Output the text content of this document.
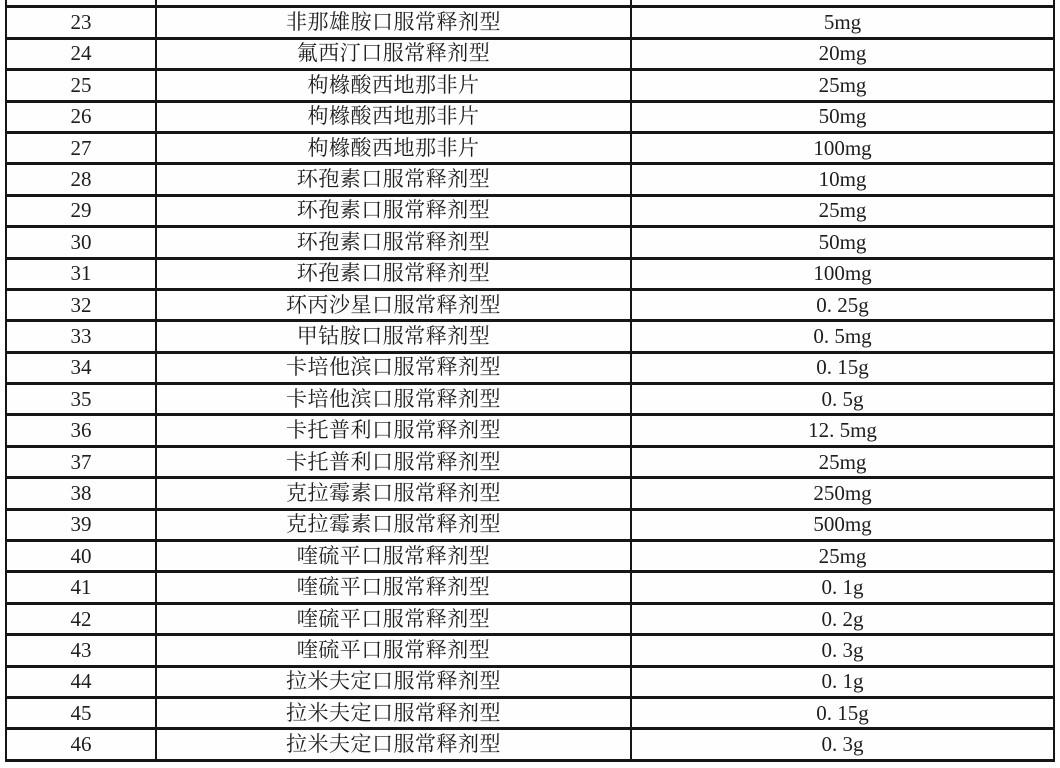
23	非那雄胺口服常释剂型	5mg
24	氟西汀口服常释剂型	20mg
25	枸橼酸西地那非片	25mg
26	枸橼酸西地那非片	50mg
27	枸橼酸西地那非片	100mg
28	环孢素口服常释剂型	10mg
29	环孢素口服常释剂型	25mg
30	环孢素口服常释剂型	50mg
31	环孢素口服常释剂型	100mg
32	环丙沙星口服常释剂型	0. 25g
33	甲钴胺口服常释剂型	0. 5mg
34	卡培他滨口服常释剂型	0. 15g
35	卡培他滨口服常释剂型	0. 5g
36	卡托普利口服常释剂型	12. 5mg
37	卡托普利口服常释剂型	25mg
38	克拉霉素口服常释剂型	250mg
39	克拉霉素口服常释剂型	500mg
40	喹硫平口服常释剂型	25mg
41	喹硫平口服常释剂型	0. 1g
42	喹硫平口服常释剂型	0. 2g
43	喹硫平口服常释剂型	0. 3g
44	拉米夫定口服常释剂型	0. 1g
45	拉米夫定口服常释剂型	0. 15g
46	拉米夫定口服常释剂型	0. 3g
